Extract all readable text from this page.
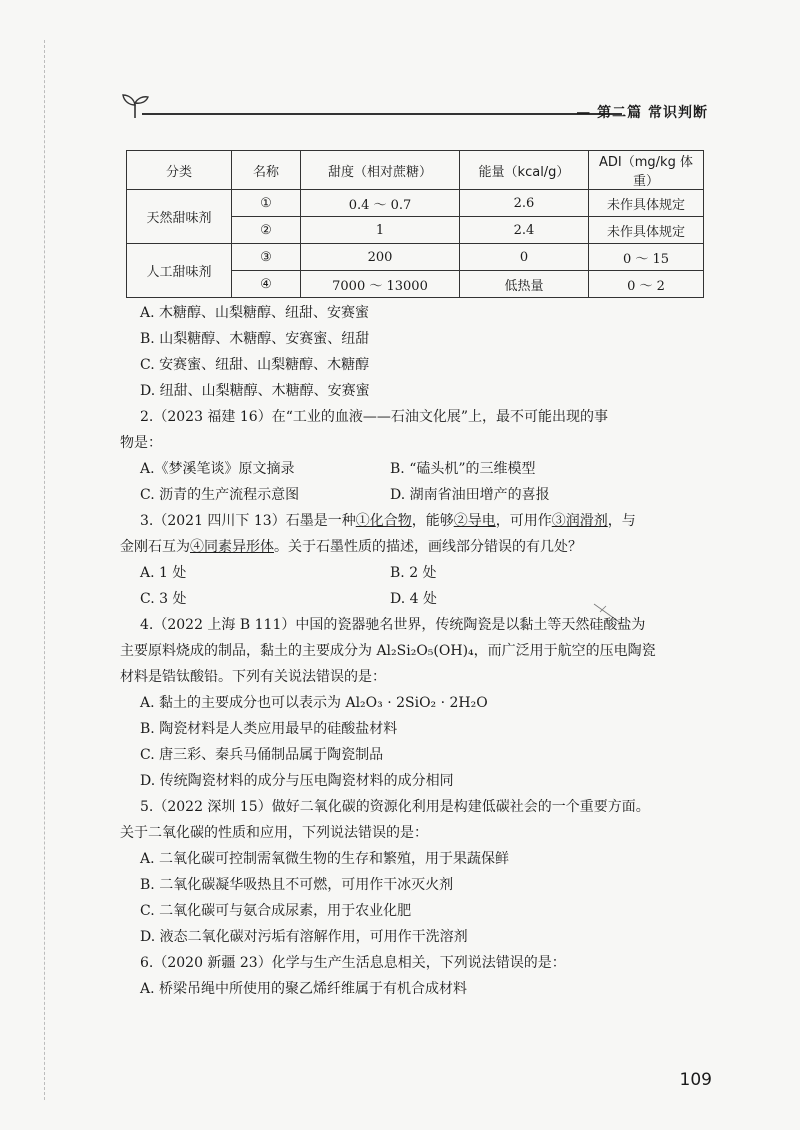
— 第二篇 常识判断
分类	名称	甜度（相对蔗糖）	能量（kcal/g）	ADI（mg/kg 体重）
天然甜味剂	①	0.4 ～ 0.7	2.6	未作具体规定
	②	1	2.4	未作具体规定
人工甜味剂	③	200	0	0 ～ 15
	④	7000 ～ 13000	低热量	0 ～ 2
A. 木糖醇、山梨糖醇、纽甜、安赛蜜
B. 山梨糖醇、木糖醇、安赛蜜、纽甜
C. 安赛蜜、纽甜、山梨糖醇、木糖醇
D. 纽甜、山梨糖醇、木糖醇、安赛蜜
2.（2023 福建 16）在“工业的血液——石油文化展”上，最不可能出现的事
物是：
A.《梦溪笔谈》原文摘录	B. “磕头机”的三维模型
C. 沥青的生产流程示意图	D. 湖南省油田增产的喜报
3.（2021 四川下 13）石墨是一种①化合物，能够②导电，可用作③润滑剂，与
金刚石互为④同素异形体。关于石墨性质的描述，画线部分错误的有几处？
A. 1 处	B. 2 处
C. 3 处	D. 4 处
4.（2022 上海 B 111）中国的瓷器驰名世界，传统陶瓷是以黏土等天然硅酸盐为
主要原料烧成的制品，黏土的主要成分为 Al₂Si₂O₅(OH)₄，而广泛用于航空的压电陶瓷
材料是锆钛酸铅。下列有关说法错误的是：
A. 黏土的主要成分也可以表示为 Al₂O₃ · 2SiO₂ · 2H₂O
B. 陶瓷材料是人类应用最早的硅酸盐材料
C. 唐三彩、秦兵马俑制品属于陶瓷制品
D. 传统陶瓷材料的成分与压电陶瓷材料的成分相同
5.（2022 深圳 15）做好二氧化碳的资源化利用是构建低碳社会的一个重要方面。
关于二氧化碳的性质和应用，下列说法错误的是：
A. 二氧化碳可控制需氧微生物的生存和繁殖，用于果蔬保鲜
B. 二氧化碳凝华吸热且不可燃，可用作干冰灭火剂
C. 二氧化碳可与氨合成尿素，用于农业化肥
D. 液态二氧化碳对污垢有溶解作用，可用作干洗溶剂
6.（2020 新疆 23）化学与生产生活息息相关，下列说法错误的是：
A. 桥梁吊绳中所使用的聚乙烯纤维属于有机合成材料
109
